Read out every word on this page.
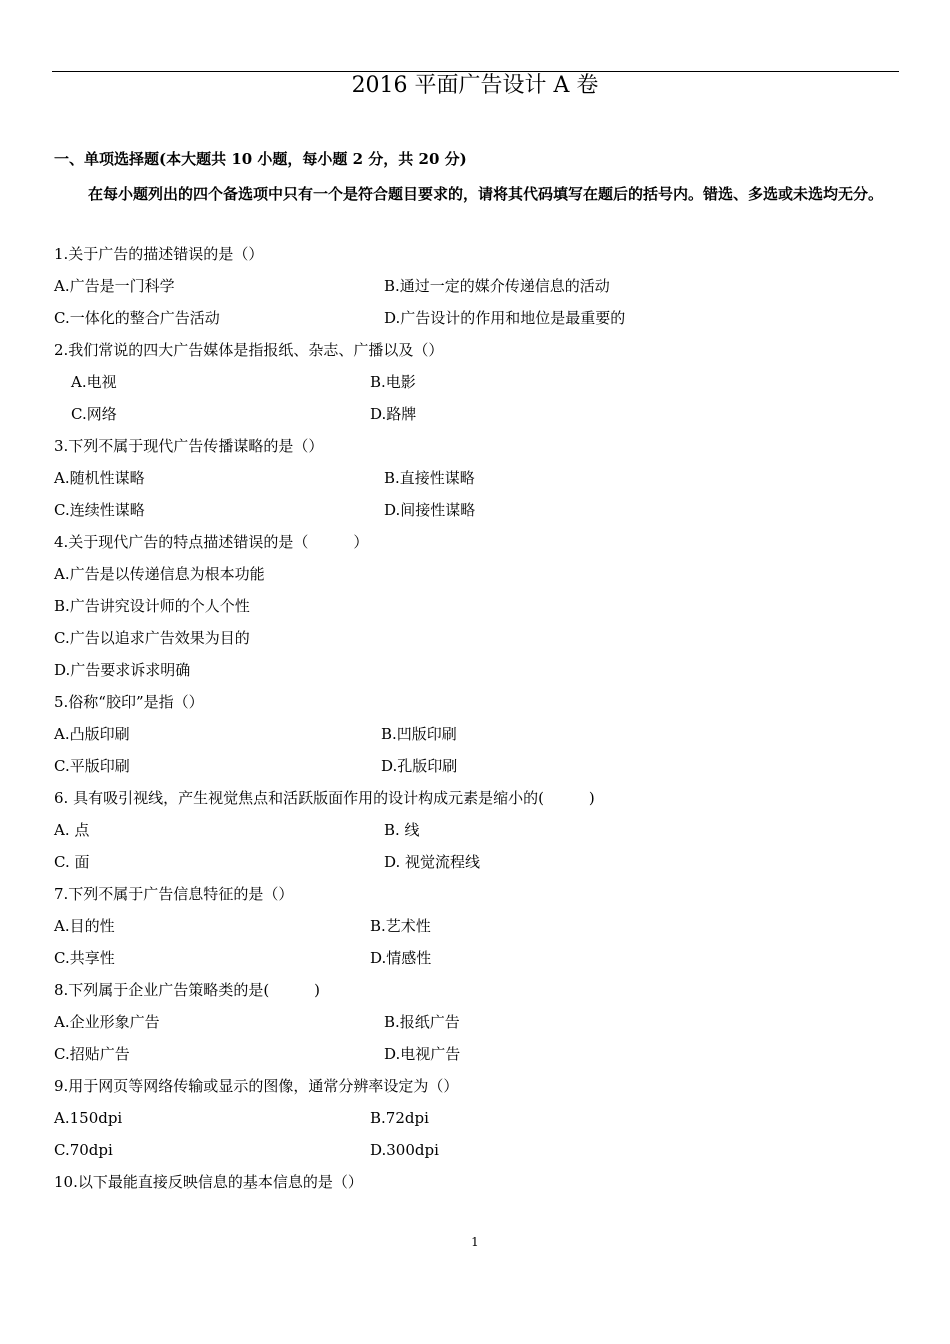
2016 平面广告设计 A 卷
一、单项选择题(本大题共 10 小题，每小题 2 分，共 20 分)
在每小题列出的四个备选项中只有一个是符合题目要求的，请将其代码填写在题后的括号内。错选、多选或未选均无分。
1.关于广告的描述错误的是（）
A.广告是一门科学	B.通过一定的媒介传递信息的活动
C.一体化的整合广告活动	D.广告设计的作用和地位是最重要的
2.我们常说的四大广告媒体是指报纸、杂志、广播以及（）
A.电视	B.电影
C.网络	D.路牌
3.下列不属于现代广告传播谋略的是（）
A.随机性谋略	B.直接性谋略
C.连续性谋略	D.间接性谋略
4.关于现代广告的特点描述错误的是（　　　）
A.广告是以传递信息为根本功能
B.广告讲究设计师的个人个性
C.广告以追求广告效果为目的
D.广告要求诉求明确
5.俗称“胶印”是指（）
A.凸版印刷	B.凹版印刷
C.平版印刷	D.孔版印刷
6. 具有吸引视线，产生视觉焦点和活跃版面作用的设计构成元素是缩小的(　　　)
A. 点	B. 线
C. 面	D. 视觉流程线
7.下列不属于广告信息特征的是（）
A.目的性	B.艺术性
C.共享性	D.情感性
8.下列属于企业广告策略类的是(　　　)
A.企业形象广告	B.报纸广告
C.招贴广告	D.电视广告
9.用于网页等网络传输或显示的图像，通常分辨率设定为（）
A.150dpi	B.72dpi
C.70dpi	D.300dpi
10.以下最能直接反映信息的基本信息的是（）
1
